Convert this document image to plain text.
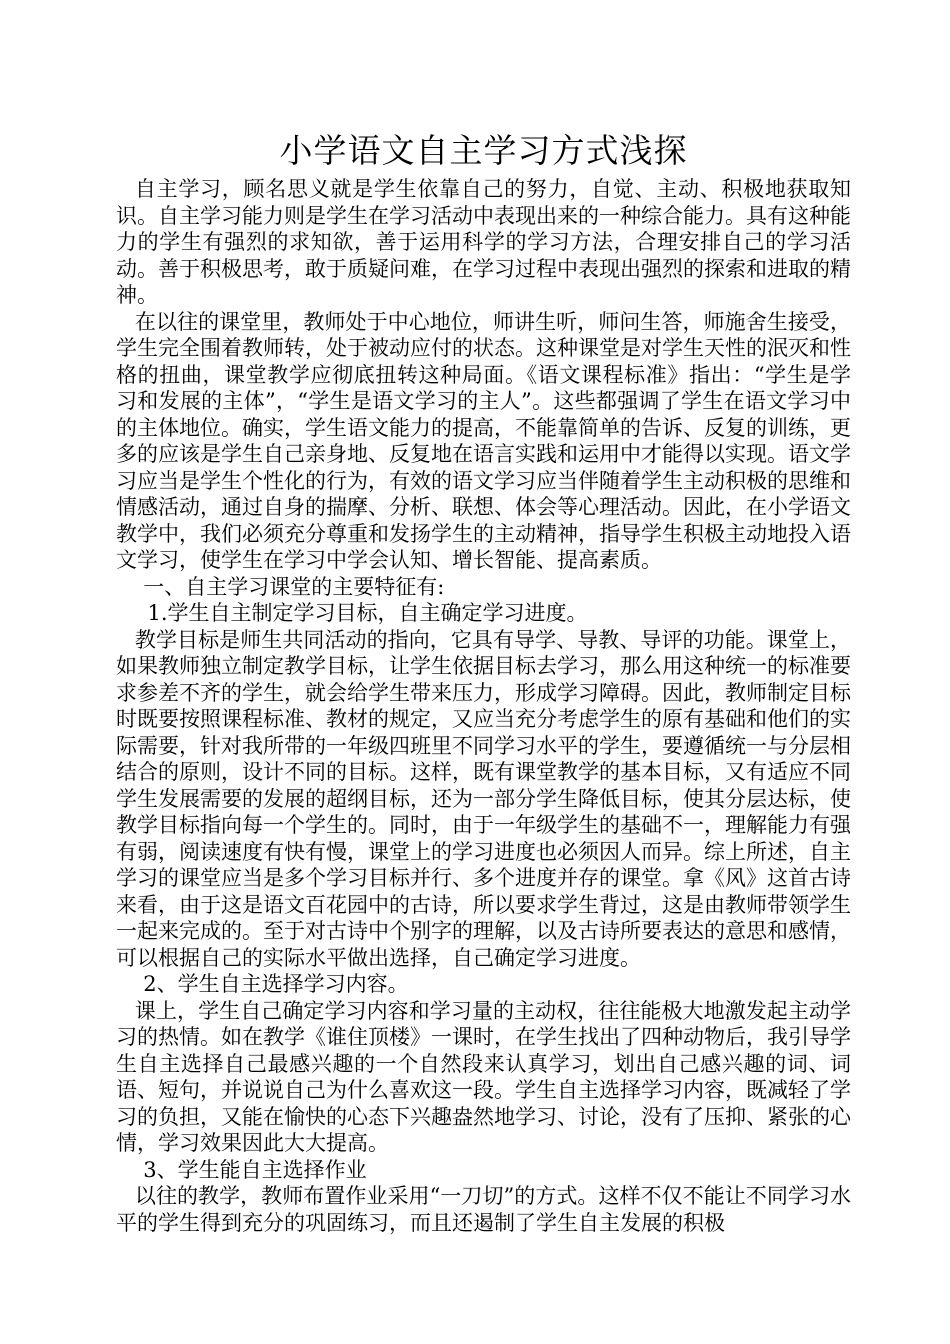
小学语文自主学习方式浅探

自主学习，顾名思义就是学生依靠自己的努力，自觉、主动、积极地获取知识。自主学习能力则是学生在学习活动中表现出来的一种综合能力。具有这种能力的学生有强烈的求知欲，善于运用科学的学习方法，合理安排自己的学习活动。善于积极思考，敢于质疑问难，在学习过程中表现出强烈的探索和进取的精神。

在以往的课堂里，教师处于中心地位，师讲生听，师问生答，师施舍生接受，学生完全围着教师转，处于被动应付的状态。这种课堂是对学生天性的泯灭和性格的扭曲，课堂教学应彻底扭转这种局面。《语文课程标准》指出：“学生是学习和发展的主体”，“学生是语文学习的主人”。这些都强调了学生在语文学习中的主体地位。确实，学生语文能力的提高，不能靠简单的告诉、反复的训练，更多的应该是学生自己亲身地、反复地在语言实践和运用中才能得以实现。语文学习应当是学生个性化的行为，有效的语文学习应当伴随着学生主动积极的思维和情感活动，通过自身的揣摩、分析、联想、体会等心理活动。因此，在小学语文教学中，我们必须充分尊重和发扬学生的主动精神，指导学生积极主动地投入语文学习，使学生在学习中学会认知、增长智能、提高素质。

一、自主学习课堂的主要特征有:

1.学生自主制定学习目标，自主确定学习进度。

教学目标是师生共同活动的指向，它具有导学、导教、导评的功能。课堂上，如果教师独立制定教学目标，让学生依据目标去学习，那么用这种统一的标准要求参差不齐的学生，就会给学生带来压力，形成学习障碍。因此，教师制定目标时既要按照课程标准、教材的规定，又应当充分考虑学生的原有基础和他们的实际需要，针对我所带的一年级四班里不同学习水平的学生，要遵循统一与分层相结合的原则，设计不同的目标。这样，既有课堂教学的基本目标，又有适应不同学生发展需要的发展的超纲目标，还为一部分学生降低目标，使其分层达标，使教学目标指向每一个学生的。同时，由于一年级学生的基础不一，理解能力有强有弱，阅读速度有快有慢，课堂上的学习进度也必须因人而异。综上所述，自主学习的课堂应当是多个学习目标并行、多个进度并存的课堂。拿《风》这首古诗来看，由于这是语文百花园中的古诗，所以要求学生背过，这是由教师带领学生一起来完成的。至于对古诗中个别字的理解，以及古诗所要表达的意思和感情，可以根据自己的实际水平做出选择，自己确定学习进度。

2、学生自主选择学习内容。

课上，学生自己确定学习内容和学习量的主动权，往往能极大地激发起主动学习的热情。如在教学《谁住顶楼》一课时，在学生找出了四种动物后，我引导学生自主选择自己最感兴趣的一个自然段来认真学习，划出自己感兴趣的词、词语、短句，并说说自己为什么喜欢这一段。学生自主选择学习内容，既减轻了学习的负担，又能在愉快的心态下兴趣盎然地学习、讨论，没有了压抑、紧张的心情，学习效果因此大大提高。

3、学生能自主选择作业

以往的教学，教师布置作业采用“一刀切”的方式。这样不仅不能让不同学习水平的学生得到充分的巩固练习，而且还遏制了学生自主发展的积极
